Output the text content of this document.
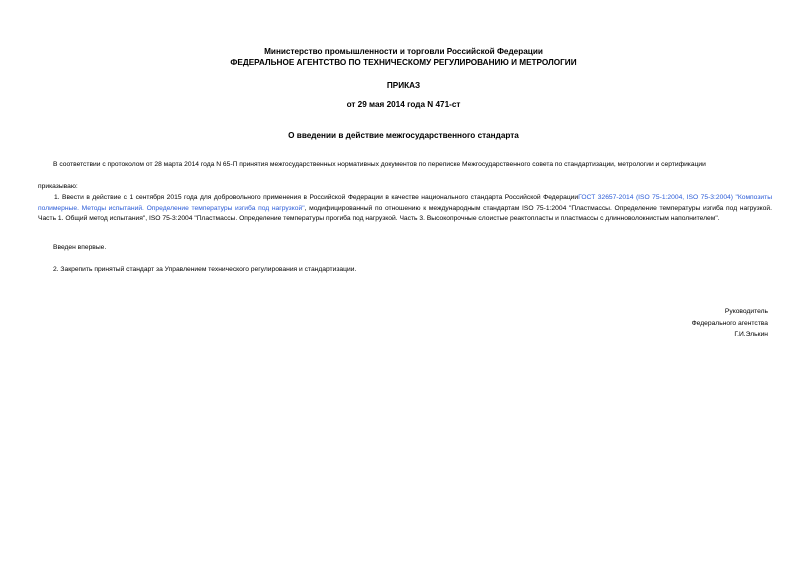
Министерство промышленности и торговли Российской Федерации
ФЕДЕРАЛЬНОЕ АГЕНТСТВО ПО ТЕХНИЧЕСКОМУ РЕГУЛИРОВАНИЮ И МЕТРОЛОГИИ
ПРИКАЗ
от 29 мая 2014 года N 471-ст
О введении в действие межгосударственного стандарта
В соответствии с протоколом от 28 марта 2014 года N 65-П принятия межгосударственных нормативных документов по переписке Межгосударственного совета по стандартизации, метрологии и сертификации
приказываю:
1. Ввести в действие с 1 сентября 2015 года для добровольного применения в Российской Федерации в качестве национального стандарта Российской ФедерацииГОСТ 32657-2014 (ISO 75-1:2004, ISO 75-3:2004) "Композиты полимерные. Методы испытаний. Определение температуры изгиба под нагрузкой", модифицированный по отношению к международным стандартам ISO 75-1:2004 "Пластмассы. Определение температуры изгиба под нагрузкой. Часть 1. Общий метод испытания", ISO 75-3:2004 "Пластмассы. Определение температуры прогиба под нагрузкой. Часть 3. Высокопрочные слоистые реактопласты и пластмассы с длинноволокнистым наполнителем".
Введен впервые.
2. Закрепить принятый стандарт за Управлением технического регулирования и стандартизации.
Руководитель
Федерального агентства
Г.И.Элькин
